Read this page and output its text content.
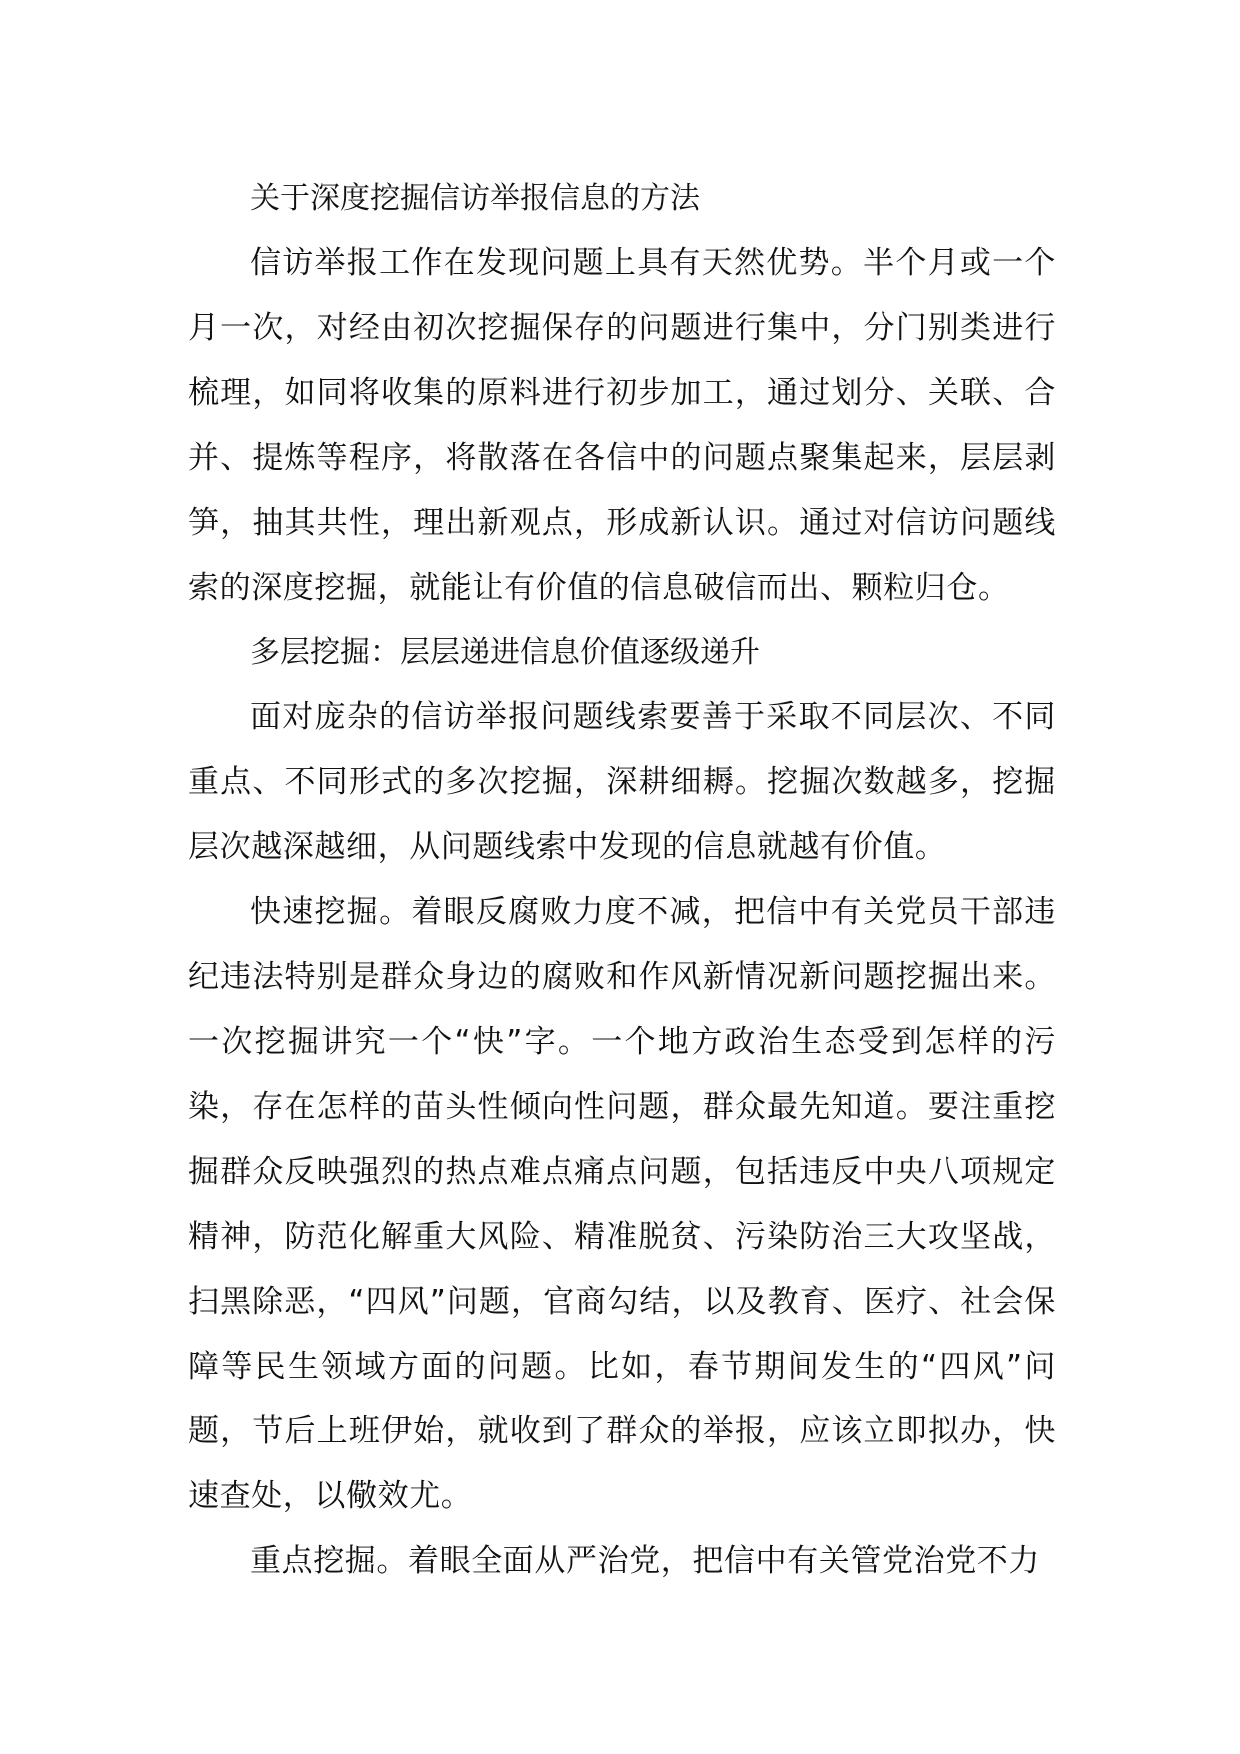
关于深度挖掘信访举报信息的方法

信访举报工作在发现问题上具有天然优势。半个月或一个月一次，对经由初次挖掘保存的问题进行集中，分门别类进行梳理，如同将收集的原料进行初步加工，通过划分、关联、合并、提炼等程序，将散落在各信中的问题点聚集起来，层层剥笋，抽其共性，理出新观点，形成新认识。通过对信访问题线索的深度挖掘，就能让有价值的信息破信而出、颗粒归仓。

多层挖掘：层层递进信息价值逐级递升

面对庞杂的信访举报问题线索要善于采取不同层次、不同重点、不同形式的多次挖掘，深耕细耨。挖掘次数越多，挖掘层次越深越细，从问题线索中发现的信息就越有价值。

快速挖掘。着眼反腐败力度不减，把信中有关党员干部违纪违法特别是群众身边的腐败和作风新情况新问题挖掘出来。一次挖掘讲究一个“快”字。一个地方政治生态受到怎样的污染，存在怎样的苗头性倾向性问题，群众最先知道。要注重挖掘群众反映强烈的热点难点痛点问题，包括违反中央八项规定精神，防范化解重大风险、精准脱贫、污染防治三大攻坚战，扫黑除恶，“四风”问题，官商勾结，以及教育、医疗、社会保障等民生领域方面的问题。比如，春节期间发生的“四风”问题，节后上班伊始，就收到了群众的举报，应该立即拟办，快速查处，以儆效尤。

重点挖掘。着眼全面从严治党，把信中有关管党治党不力
